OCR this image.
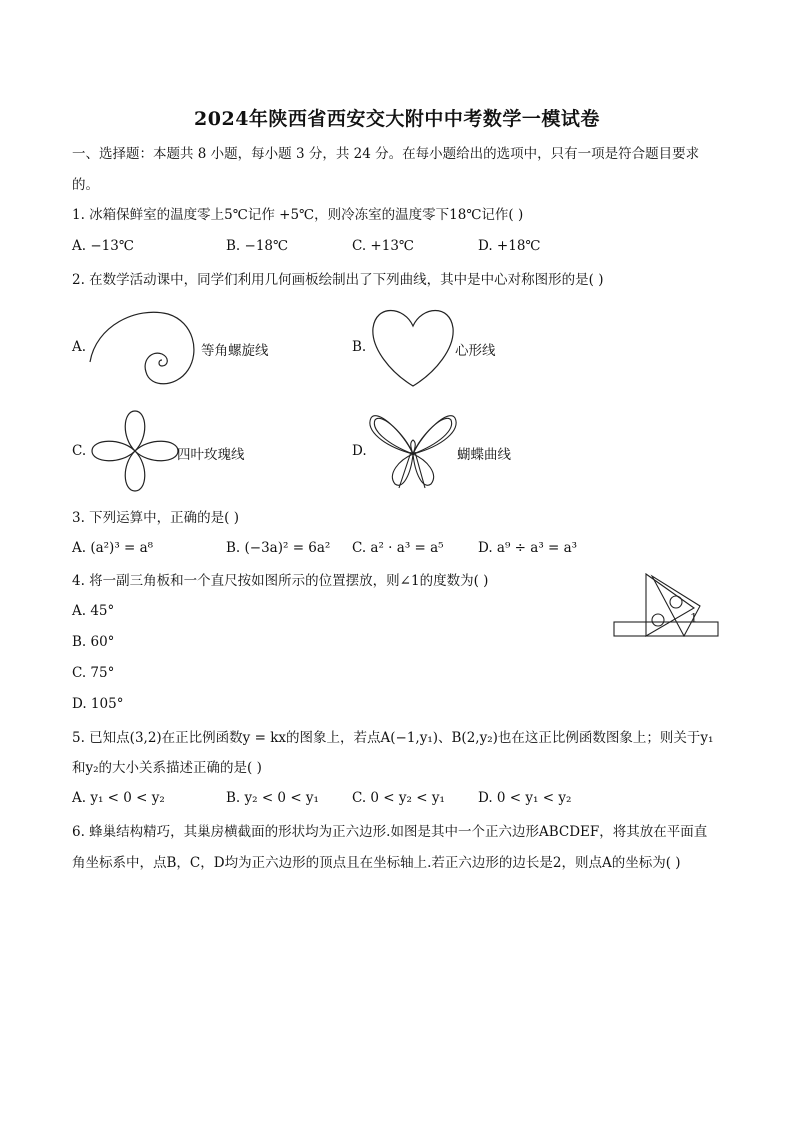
2024年陕西省西安交大附中中考数学一模试卷
一、选择题：本题共 8 小题，每小题 3 分，共 24 分。在每小题给出的选项中，只有一项是符合题目要求
的。
1. 冰箱保鲜室的温度零上5℃记作 +5℃，则冷冻室的温度零下18℃记作( )
A. −13℃	B. −18℃	C. +13℃	D. +18℃
2. 在数学活动课中，同学们利用几何画板绘制出了下列曲线，其中是中心对称图形的是( )
A.	等角螺旋线	B.	心形线
C.	四叶玫瑰线	D.	蝴蝶曲线
3. 下列运算中，正确的是( )
A. (a²)³ = a⁸	B. (−3a)² = 6a² C. a² · a³ = a⁵	D. a⁹ ÷ a³ = a³
4. 将一副三角板和一个直尺按如图所示的位置摆放，则∠1的度数为( )
A. 45°
B. 60°
C. 75°
D. 105°
1
5. 已知点(3,2)在正比例函数y = kx的图象上，若点A(−1,y₁)、B(2,y₂)也在这正比例函数图象上；则关于y₁
和y₂的大小关系描述正确的是( )
A. y₁ < 0 < y₂	B. y₂ < 0 < y₁ C. 0 < y₂ < y₁ D. 0 < y₁ < y₂
6. 蜂巢结构精巧，其巢房横截面的形状均为正六边形.如图是其中一个正六边形ABCDEF，将其放在平面直
角坐标系中，点B，C，D均为正六边形的顶点且在坐标轴上.若正六边形的边长是2，则点A的坐标为( )
